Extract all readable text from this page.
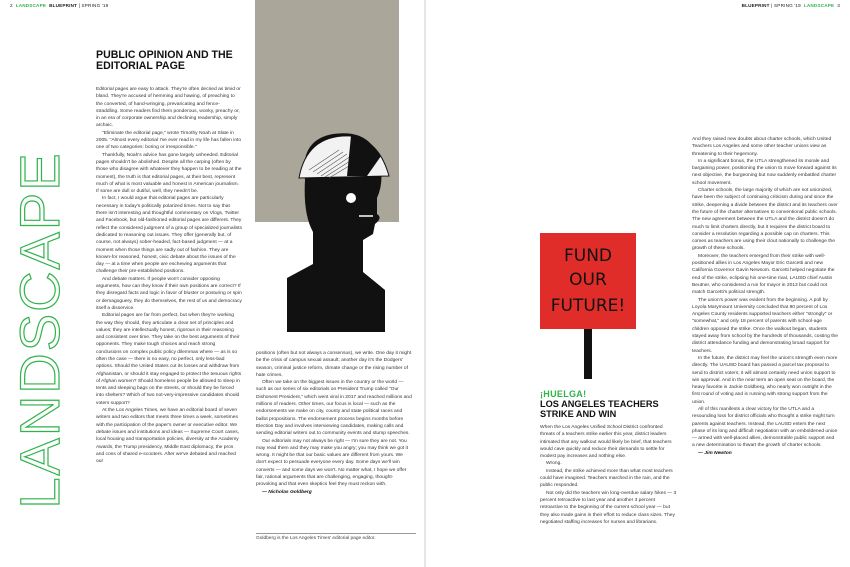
2 LANDSCAPE BLUEPRINT | SPRING '19
LANDSCAPE
PUBLIC OPINION AND THE EDITORIAL PAGE

Editorial pages are easy to attack. They're often decried as timid or bland. They're accused of hemming and hawing, of preaching to the converted, of hand-wringing, prevaricating and fence-straddling. Some readers find them ponderous, wonky, preachy or, in an era of corporate ownership and declining readership, simply archaic.

"Eliminate the editorial page," wrote Timothy Noah at Slate in 2005. "Almost every editorial I've ever read in my life has fallen into one of two categories: boring or irresponsible."

Thankfully, Noah's advice has gone largely unheeded. Editorial pages shouldn't be abolished. Despite all the carping (often by those who disagree with whatever they happen to be reading at the moment), the truth is that editorial pages, at their best, represent much of what is most valuable and honest in American journalism. If some are dull or dutiful, well, they needn't be.

In fact, I would argue that editorial pages are particularly necessary in today's politically polarized times. Not to say that there isn't interesting and thoughtful commentary on Vlogs, Twitter and Facebook, but old-fashioned editorial pages are different. They reflect the considered judgment of a group of specialized journalists dedicated to reasoning out issues. They offer (generally but, of course, not always) sober-headed, fact-based judgment — at a moment when those things are sadly out of fashion. They are known-for reasoned, honest, civic debate about the issues of the day — at a time when people are eschewing arguments that challenge their pre-established positions.

And debate matters. If people won't consider opposing arguments, how can they know if their own positions are correct? If they disregard facts and logic in favor of bluster or posturing or spin or demagoguery, they do themselves, the rest of us and democracy itself a disservice.

Editorial pages are far from perfect, but when they're working the way they should, they articulate a clear set of principles and values; they are intellectually honest, rigorous in their reasoning and consistent over time. They take on the best arguments of their opponents. They make tough choices and reach strong conclusions on complex public policy dilemmas where — as is so often the case — there is no easy, no perfect, only less-bad options. Should the United States cut its losses and withdraw from Afghanistan, or should it stay engaged to protect the tenuous rights of Afghan women? Should homeless people be allowed to sleep in tents and sleeping bags on the streets, or should they be forced into shelters? Which of two not-very-impressive candidates should voters support?

At the Los Angeles Times, we have an editorial board of seven writers and two editors that meets three times a week, sometimes with the participation of the paper's owner or executive editor. We debate issues and institutions and ideas — Supreme Court cases, local housing and transportation policies, diversity at the Academy Awards, the Trump presidency, Middle East diplomacy, the pros and cons of shared e-scooters. After we've debated and reached our

positions (often but not always a consensus), we write. One day it might be the crisis of campus sexual assault; another day it's the Dodgers' season, criminal justice reform, climate change or the rising number of hate crimes.

Often we take on the biggest issues in the country or the world — such as our series of six editorials on President Trump called "Our Dishonest President," which went viral in 2017 and reached millions and millions of readers. Other times, our focus is local — such as the endorsements we make on city, county and state political races and ballot propositions. The endorsement process begins months before Election Day and involves interviewing candidates, making calls and sending editorial writers out to community events and stump speeches.

Our editorials may not always be right — I'm sure they are not. You may read them and they may make you angry; you may think we got it wrong. It might be that our basic values are different from yours. We don't expect to persuade everyone every day. Some days we'll win converts — and some days we won't. No matter what, I hope we offer fair, rational arguments that are challenging, engaging, thought-provoking and that even skeptics feel they must reckon with.

— Nicholas Goldberg

Goldberg is the Los Angeles Times' editorial page editor.
BLUEPRINT | SPRING '19 LANDSCAPE 3
FUND
OUR
FUTURE!
¡HUELGA!
LOS ANGELES TEACHERS STRIKE AND WIN

When the Los Angeles Unified School District confronted threats of a teachers strike earlier this year, district leaders intimated that any walkout would likely be brief, that teachers would cave quickly and reduce their demands to settle for modest pay increases and nothing else.

Wrong.

Instead, the strike achieved more than what most teachers could have imagined. Teachers marched in the rain, and the public responded.

Not only did the teachers win long-overdue salary hikes — 3 percent retroactive to last year and another 3 percent retroactive to the beginning of the current school year — but they also made gains in their effort to reduce class sizes. They negotiated staffing increases for nurses and librarians.

And they raised new doubts about charter schools, which United Teachers Los Angeles and some other teacher unions view as threatening to their hegemony.

In a significant bonus, the UTLA strengthened its morale and bargaining power, positioning the union to move forward against its next objective, the burgeoning but now suddenly embattled charter school movement.

Charter schools, the large majority of which are not unionized, have been the subject of continuing criticism during and since the strike, deepening a divide between the district and its teachers over the future of the charter alternatives to conventional public schools. The new agreement between the UTLA and the district doesn't do much to limit charters directly, but it requires the district board to consider a resolution regarding a possible cap on charters. This comes as teachers are using their clout nationally to challenge the growth of these schools.

Moreover, the teachers emerged from their strike with well-positioned allies in Los Angeles Mayor Eric Garcetti and new California Governor Gavin Newsom. Garcetti helped negotiate the end of the strike, eclipsing his one-time rival, LAUSD chief Austin Beutner, who considered a run for mayor in 2013 but could not match Garcetti's political strength.

The union's power was evident from the beginning. A poll by Loyola Marymount University concluded that 80 percent of Los Angeles County residents supported teachers either "strongly" or "somewhat," and only 18 percent of parents with school-age children opposed the strike. Once the walkout began, students stayed away from school by the hundreds of thousands, costing the district attendance funding and demonstrating broad support for teachers.

In the future, the district may feel the union's strength even more directly. The UAUSD board has passed a parcel tax proposal to send to district voters; it will almost certainly need union support to win approval. And in the near term an open seat on the board, the heavy favorite is Jackie Goldberg, who nearly won outright in the first round of voting and is running with strong support from the union.

All of this manifests a clear victory for the UTLA and a resounding loss for district officials who thought a strike might turn parents against teachers. Instead, the LAUSD enters the next phase of its long and difficult negotiation with an emboldened union — armed with well-placed allies, demonstrable public support and a new determination to thwart the growth of charter schools.

— Jim Newton
